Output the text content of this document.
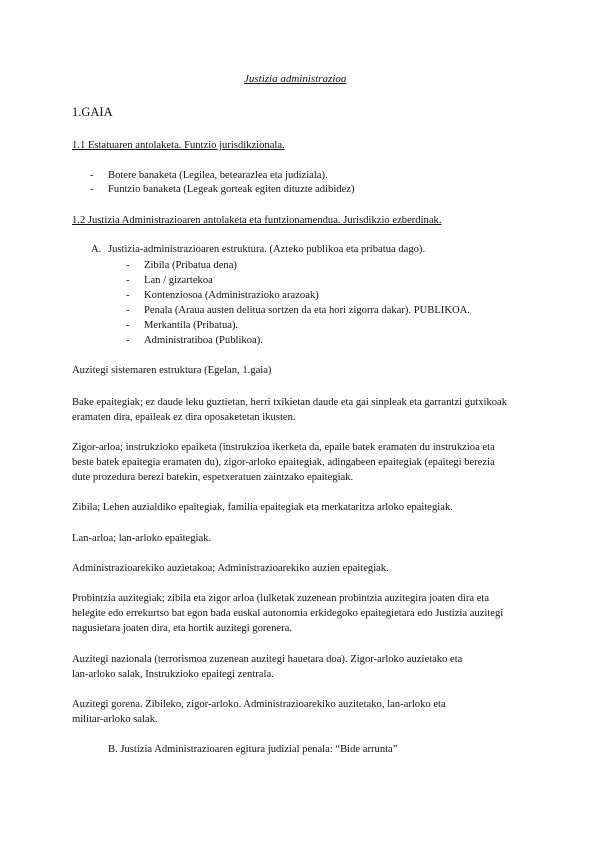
Justizia administrazioa
1.GAIA
1.1 Estatuaren antolaketa. Funtzio jurisdikzionala.
- Botere banaketa (Legilea, betearazlea eta judiziala).
- Funtzio banaketa (Legeak gorteak egiten dituzte adibidez)
1.2 Justizia Administrazioaren antolaketa eta funtzionamendua. Jurisdikzio ezberdinak.
A. Justizia-administrazioaren estruktura. (Azteko publikoa eta pribatua dago).
- Zibila (Pribatua dena)
- Lan / gizartekoa
- Kontenziosoa (Administrazioko arazoak)
- Penala (Arauа austen delitua sortzen da eta hori zigorra dakar). PUBLIKOA.
- Merkantila (Pribatua).
- Administratiboa (Publikoa).
Auzitegi sistemaren estruktura (Egelan, 1.gaia)
Bake epaitegiak; ez daude leku guztietan, herri txikietan daude eta gai sinpleak eta garrantzi gutxikoak
eramaten dira, epaileak ez dira oposaketetan ikusten.
Zigor-arloa; instrukzioko epaiketa (instrukzioa ikerketa da, epaile batek eramaten du instrukzioa eta
beste batek epaitegia eramaten du), zigor-arloko epaitegiak, adingabeen epaitegiak (epaitegi berezia
dute prozedura berezi batekin, espetxeratuen zaintzako epaitegiak.
Zibila; Lehen auzialdiko epaitegiak, familia epaitegiak eta merkataritza arloko epaitegiak.
Lan-arloa; lan-arloko epaitegiak.
Administrazioarekiko auzietakoa; Administrazioarekiko auzien epaitegiak.
Probintzia auzitegiak; zibila eta zigor arloa (lulketak zuzenean probintzia auzitegira joaten dira eta
helegite edo errekurtso bat egon bada euskal autonomia erkidegoko epaitegietara edo Justizia auzitegi
nagusietara joaten dira, eta hortik auzitegi gorenera.
Auzitegi nazionala (terrorismoa zuzenean auzitegi hauetara doa). Zigor-arloko auzietako eta
lan-arloko salak, Instrukzioko epaitegi zentrala.
Auzitegi gorena. Zibileko, zigor-arloko. Administrazioarekiko auzitetako, lan-arloko eta
militar-arloko salak.
B. Justizia Administrazioaren egitura judizial penala: “Bide arrunta”
